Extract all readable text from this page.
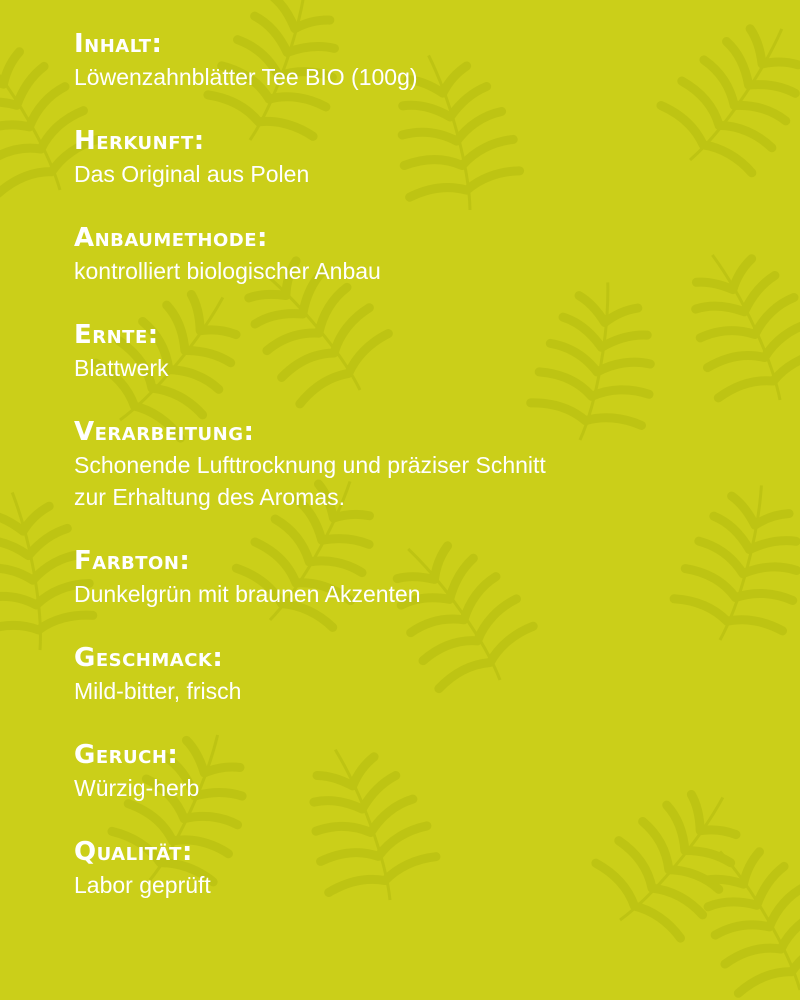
Inhalt:
Löwenzahnblätter Tee BIO (100g)
Herkunft:
Das Original aus Polen
Anbaumethode:
kontrolliert biologischer Anbau
Ernte:
Blattwerk
Verarbeitung:
Schonende Lufttrocknung und präziser Schnitt
zur Erhaltung des Aromas.
Farbton:
Dunkelgrün mit braunen Akzenten
Geschmack:
Mild-bitter, frisch
Geruch:
Würzig-herb
Qualität:
Labor geprüft
